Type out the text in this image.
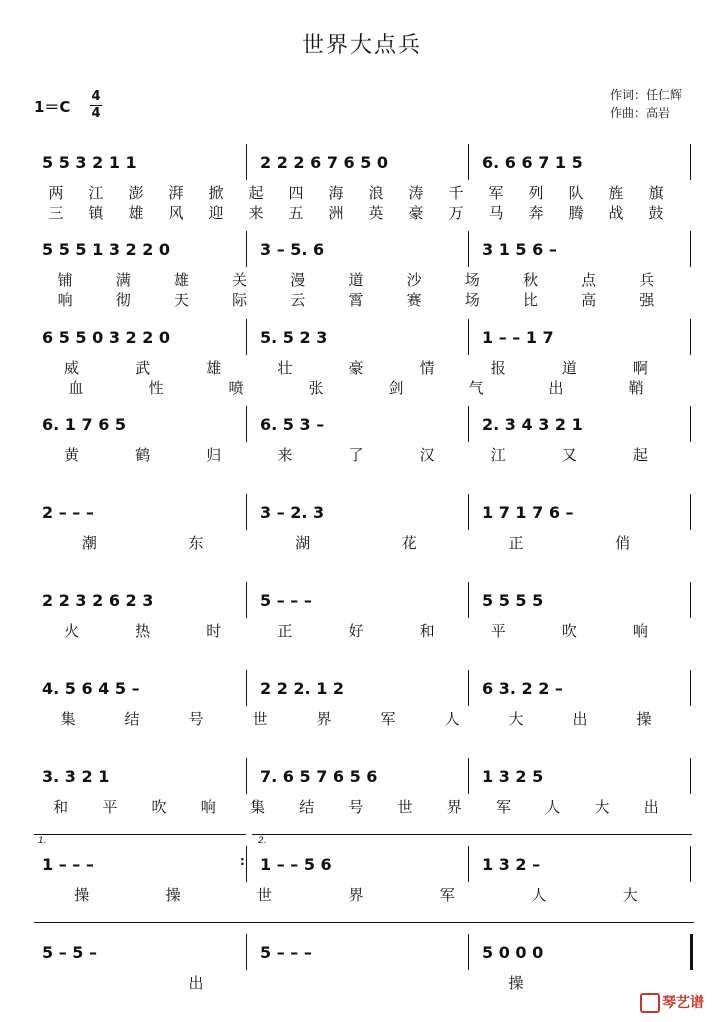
世界大点兵
1＝C
4
4
作词：任仁辉
作曲：高岩
5 5 3 2 1 1	2 2 2 6 7 6 5 0	6. 6 6 7 1 5
两	江	澎	湃	掀	起	四	海	浪	涛	千	军	列	队	旌	旗
三	镇	雄	风	迎	来	五	洲	英	豪	万	马	奔	腾	战	鼓
5 5 5 1 3 2 2 0	3 – 5. 6	3 1 5 6 –
铺	满	雄	关	漫	道	沙	场	秋	点	兵
响	彻	天	际	云	霄	赛	场	比	高	强
6 5 5 0 3 2 2 0	5. 5 2 3	1 – – 1 7
威	武	雄	壮	豪	情	报	道	啊
血	性	喷	张	剑	气	出	鞘
6. 1 7 6 5	6. 5 3 –	2. 3 4 3 2 1
黄	鹤	归	来	了	汉	江	又	起
2 – – –	3 – 2. 3	1 7 1 7 6 –
潮	东	湖	花	正	俏
2 2 3 2 6 2 3	5 – – –	5 5 5 5
火	热	时	正	好	和	平	吹	响
4. 5 6 4 5 –	2 2 2. 1 2	6 3. 2 2 –
集	结	号	世	界	军	人	大	出	操
3. 3 2 1	7. 6 5 7 6 5 6	1 3 2 5
和	平	吹	响	集	结	号	世	界	军	人	大	出
1 – – –	1 – – 5 6	1 3 2 –
操	操	世	界	军	人	大
1.
:
2.
5 – 5 –	5 – – –	5 0 0 0
出	操
琴艺谱
